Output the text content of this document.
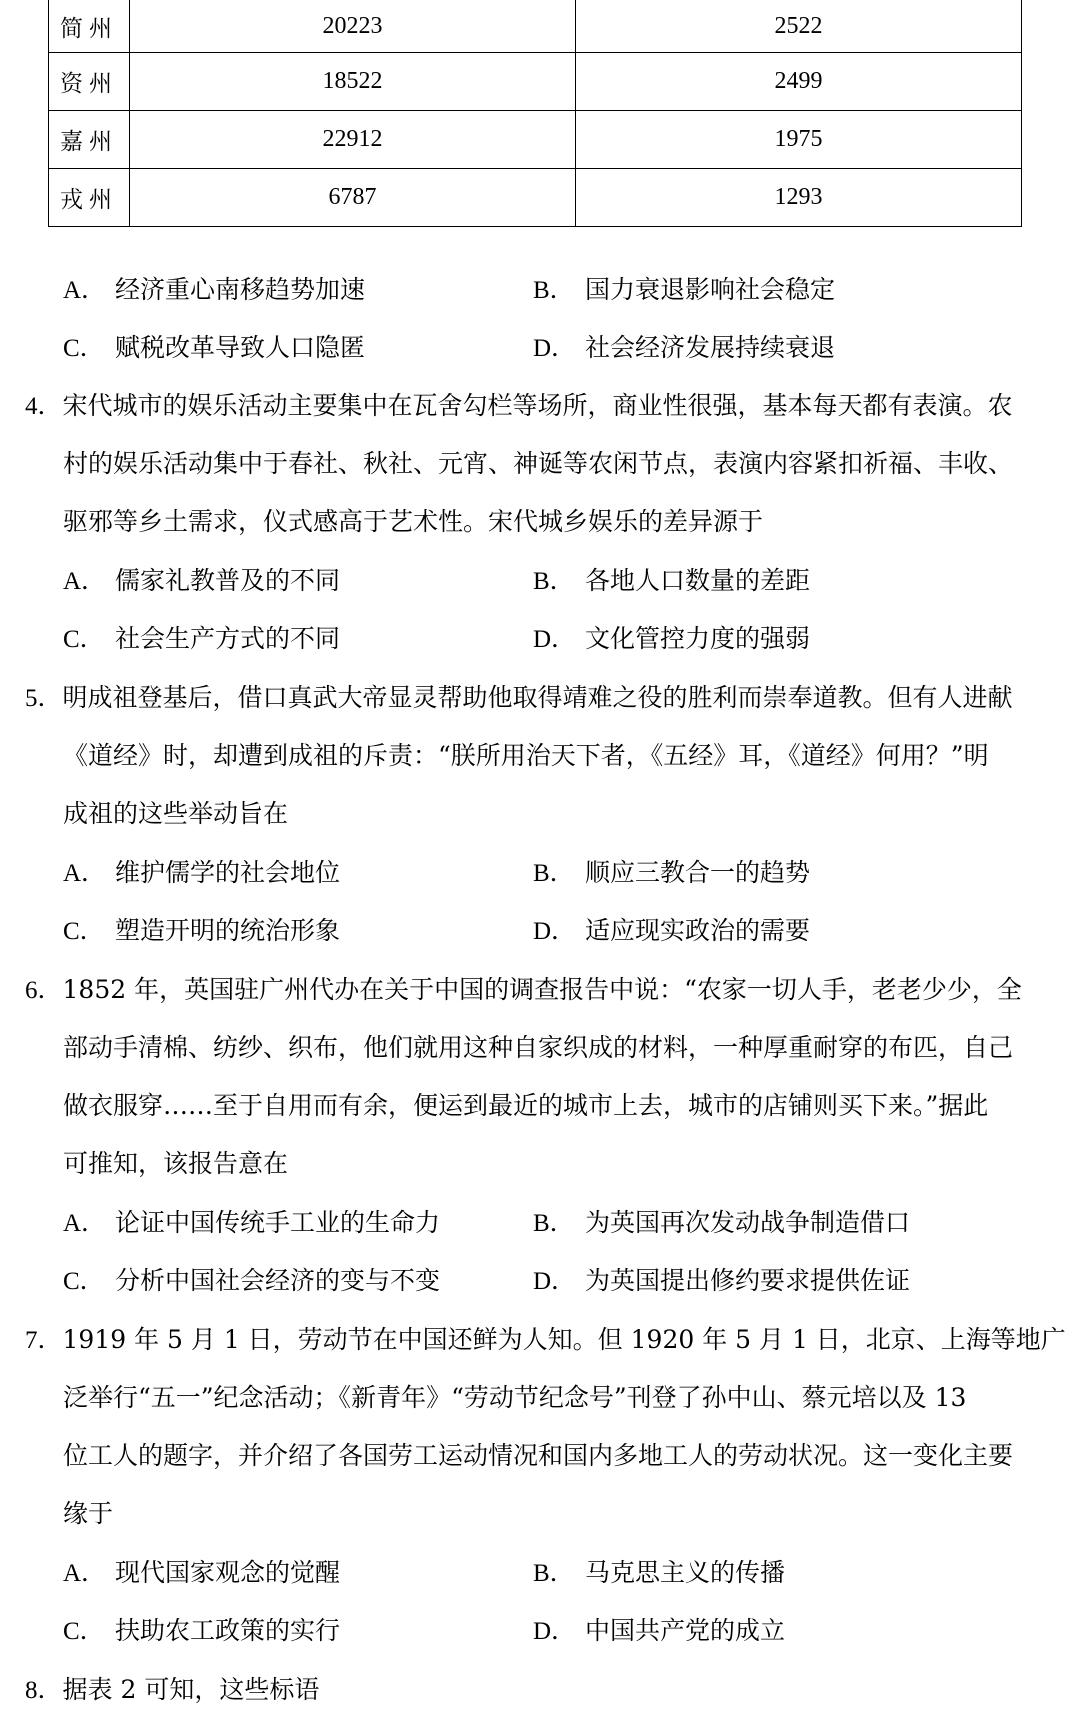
简州	20223	2522
资州	18522	2499
嘉州	22912	1975
戎州	6787	1293
A． 经济重心南移趋势加速	B． 国力衰退影响社会稳定
C． 赋税改革导致人口隐匿	D． 社会经济发展持续衰退
4．宋代城市的娱乐活动主要集中在瓦舍勾栏等场所，商业性很强，基本每天都有表演。农
村的娱乐活动集中于春社、秋社、元宵、神诞等农闲节点，表演内容紧扣祈福、丰收、
驱邪等乡土需求，仪式感高于艺术性。宋代城乡娱乐的差异源于
A． 儒家礼教普及的不同	B． 各地人口数量的差距
C． 社会生产方式的不同	D． 文化管控力度的强弱
5．明成祖登基后，借口真武大帝显灵帮助他取得靖难之役的胜利而崇奉道教。但有人进献
《道经》时，却遭到成祖的斥责：“朕所用治天下者，《五经》耳，《道经》何用？”明
成祖的这些举动旨在
A． 维护儒学的社会地位	B． 顺应三教合一的趋势
C． 塑造开明的统治形象	D． 适应现实政治的需要
6．1852 年，英国驻广州代办在关于中国的调查报告中说：“农家一切人手，老老少少，全
部动手清棉、纺纱、织布，他们就用这种自家织成的材料，一种厚重耐穿的布匹，自己
做衣服穿……至于自用而有余，便运到最近的城市上去，城市的店铺则买下来。”据此
可推知，该报告意在
A． 论证中国传统手工业的生命力	B． 为英国再次发动战争制造借口
C． 分析中国社会经济的变与不变	D． 为英国提出修约要求提供佐证
7．1919 年 5 月 1 日，劳动节在中国还鲜为人知。但 1920 年 5 月 1 日，北京、上海等地广
泛举行“五一”纪念活动；《新青年》“劳动节纪念号”刊登了孙中山、蔡元培以及 13
位工人的题字，并介绍了各国劳工运动情况和国内多地工人的劳动状况。这一变化主要
缘于
A． 现代国家观念的觉醒	B． 马克思主义的传播
C． 扶助农工政策的实行	D． 中国共产党的成立
8．据表 2 可知，这些标语
